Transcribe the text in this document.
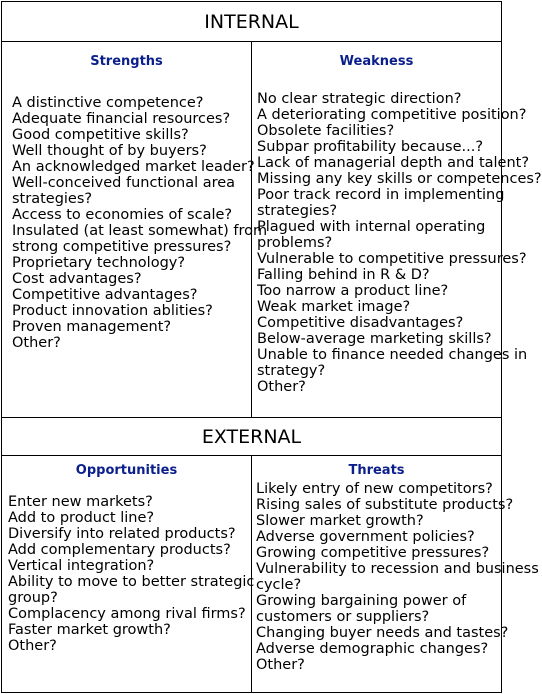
INTERNAL
Strengths
A distinctive competence?
Adequate financial resources?
Good competitive skills?
Well thought of by buyers?
An acknowledged market leader?
Well-conceived functional area
strategies?
Access to economies of scale?
Insulated (at least somewhat) from
strong competitive pressures?
Proprietary technology?
Cost advantages?
Competitive advantages?
Product innovation ablities?
Proven management?
Other?
Weakness
No clear strategic direction?
A deteriorating competitive position?
Obsolete facilities?
Subpar profitability because...?
Lack of managerial depth and talent?
Missing any key skills or competences?
Poor track record in implementing
strategies?
Plagued with internal operating
problems?
Vulnerable to competitive pressures?
Falling behind in R & D?
Too narrow a product line?
Weak market image?
Competitive disadvantages?
Below-average marketing skills?
Unable to finance needed changes in
strategy?
Other?
EXTERNAL
Opportunities
Enter new markets?
Add to product line?
Diversify into related products?
Add complementary products?
Vertical integration?
Ability to move to better strategic
group?
Complacency among rival firms?
Faster market growth?
Other?
Threats
Likely entry of new competitors?
Rising sales of substitute products?
Slower market growth?
Adverse government policies?
Growing competitive pressures?
Vulnerability to recession and business
cycle?
Growing bargaining power of
customers or suppliers?
Changing buyer needs and tastes?
Adverse demographic changes?
Other?
